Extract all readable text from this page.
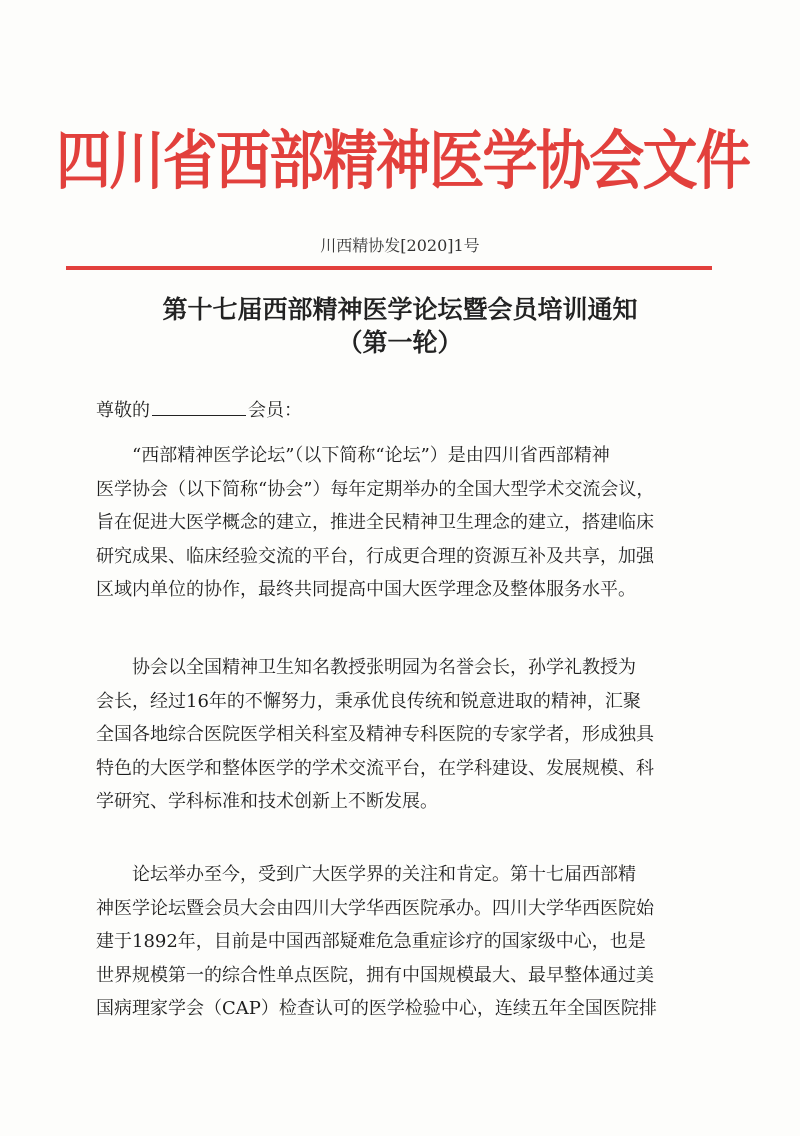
四川省西部精神医学协会文件
川西精协发[2020]1号
第十七届西部精神医学论坛暨会员培训通知
（第一轮）
尊敬的	会员：
“西部精神医学论坛”（以下简称“论坛”）是由四川省西部精神
医学协会（以下简称“协会”）每年定期举办的全国大型学术交流会议，
旨在促进大医学概念的建立，推进全民精神卫生理念的建立，搭建临床
研究成果、临床经验交流的平台，行成更合理的资源互补及共享，加强
区域内单位的协作，最终共同提高中国大医学理念及整体服务水平。
协会以全国精神卫生知名教授张明园为名誉会长，孙学礼教授为
会长，经过16年的不懈努力，秉承优良传统和锐意进取的精神，汇聚
全国各地综合医院医学相关科室及精神专科医院的专家学者，形成独具
特色的大医学和整体医学的学术交流平台，在学科建设、发展规模、科
学研究、学科标准和技术创新上不断发展。
论坛举办至今，受到广大医学界的关注和肯定。第十七届西部精
神医学论坛暨会员大会由四川大学华西医院承办。四川大学华西医院始
建于1892年，目前是中国西部疑难危急重症诊疗的国家级中心，也是
世界规模第一的综合性单点医院，拥有中国规模最大、最早整体通过美
国病理家学会（CAP）检查认可的医学检验中心，连续五年全国医院排
